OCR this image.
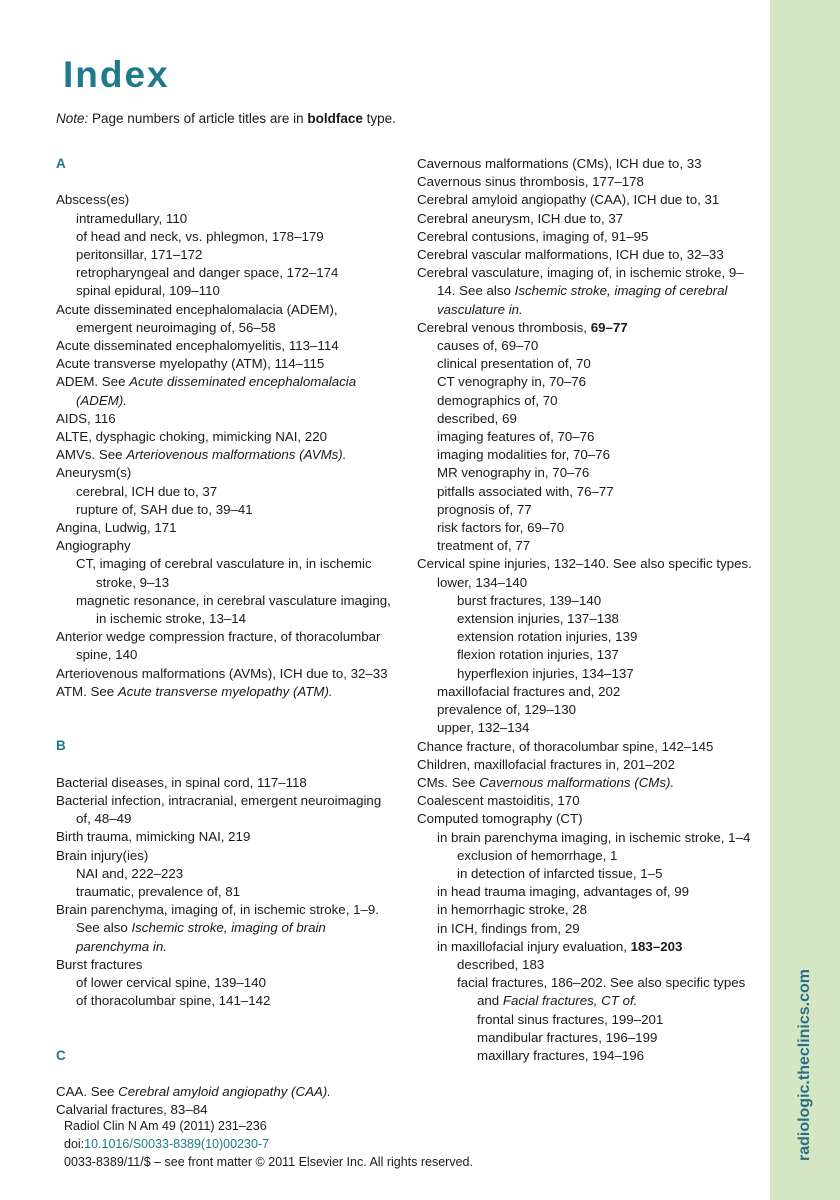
Index
Note: Page numbers of article titles are in boldface type.
A
Abscess(es)
intramedullary, 110
of head and neck, vs. phlegmon, 178–179
peritonsillar, 171–172
retropharyngeal and danger space, 172–174
spinal epidural, 109–110
Acute disseminated encephalomalacia (ADEM), emergent neuroimaging of, 56–58
Acute disseminated encephalomyelitis, 113–114
Acute transverse myelopathy (ATM), 114–115
ADEM. See Acute disseminated encephalomalacia (ADEM).
AIDS, 116
ALTE, dysphagic choking, mimicking NAI, 220
AMVs. See Arteriovenous malformations (AVMs).
Aneurysm(s)
cerebral, ICH due to, 37
rupture of, SAH due to, 39–41
Angina, Ludwig, 171
Angiography
CT, imaging of cerebral vasculature in, in ischemic stroke, 9–13
magnetic resonance, in cerebral vasculature imaging, in ischemic stroke, 13–14
Anterior wedge compression fracture, of thoracolumbar spine, 140
Arteriovenous malformations (AVMs), ICH due to, 32–33
ATM. See Acute transverse myelopathy (ATM).
B
Bacterial diseases, in spinal cord, 117–118
Bacterial infection, intracranial, emergent neuroimaging of, 48–49
Birth trauma, mimicking NAI, 219
Brain injury(ies)
NAI and, 222–223
traumatic, prevalence of, 81
Brain parenchyma, imaging of, in ischemic stroke, 1–9. See also Ischemic stroke, imaging of brain parenchyma in.
Burst fractures
of lower cervical spine, 139–140
of thoracolumbar spine, 141–142
C
CAA. See Cerebral amyloid angiopathy (CAA).
Calvarial fractures, 83–84
Cavernous malformations (CMs), ICH due to, 33
Cavernous sinus thrombosis, 177–178
Cerebral amyloid angiopathy (CAA), ICH due to, 31
Cerebral aneurysm, ICH due to, 37
Cerebral contusions, imaging of, 91–95
Cerebral vascular malformations, ICH due to, 32–33
Cerebral vasculature, imaging of, in ischemic stroke, 9–14. See also Ischemic stroke, imaging of cerebral vasculature in.
Cerebral venous thrombosis, 69–77
causes of, 69–70
clinical presentation of, 70
CT venography in, 70–76
demographics of, 70
described, 69
imaging features of, 70–76
imaging modalities for, 70–76
MR venography in, 70–76
pitfalls associated with, 76–77
prognosis of, 77
risk factors for, 69–70
treatment of, 77
Cervical spine injuries, 132–140. See also specific types.
lower, 134–140
burst fractures, 139–140
extension injuries, 137–138
extension rotation injuries, 139
flexion rotation injuries, 137
hyperflexion injuries, 134–137
maxillofacial fractures and, 202
prevalence of, 129–130
upper, 132–134
Chance fracture, of thoracolumbar spine, 142–145
Children, maxillofacial fractures in, 201–202
CMs. See Cavernous malformations (CMs).
Coalescent mastoiditis, 170
Computed tomography (CT)
in brain parenchyma imaging, in ischemic stroke, 1–4
exclusion of hemorrhage, 1
in detection of infarcted tissue, 1–5
in head trauma imaging, advantages of, 99
in hemorrhagic stroke, 28
in ICH, findings from, 29
in maxillofacial injury evaluation, 183–203
described, 183
facial fractures, 186–202. See also specific types and Facial fractures, CT of.
frontal sinus fractures, 199–201
mandibular fractures, 196–199
maxillary fractures, 194–196
Radiol Clin N Am 49 (2011) 231–236
doi:10.1016/S0033-8389(10)00230-7
0033-8389/11/$ – see front matter © 2011 Elsevier Inc. All rights reserved.
radiologic.theclinics.com
